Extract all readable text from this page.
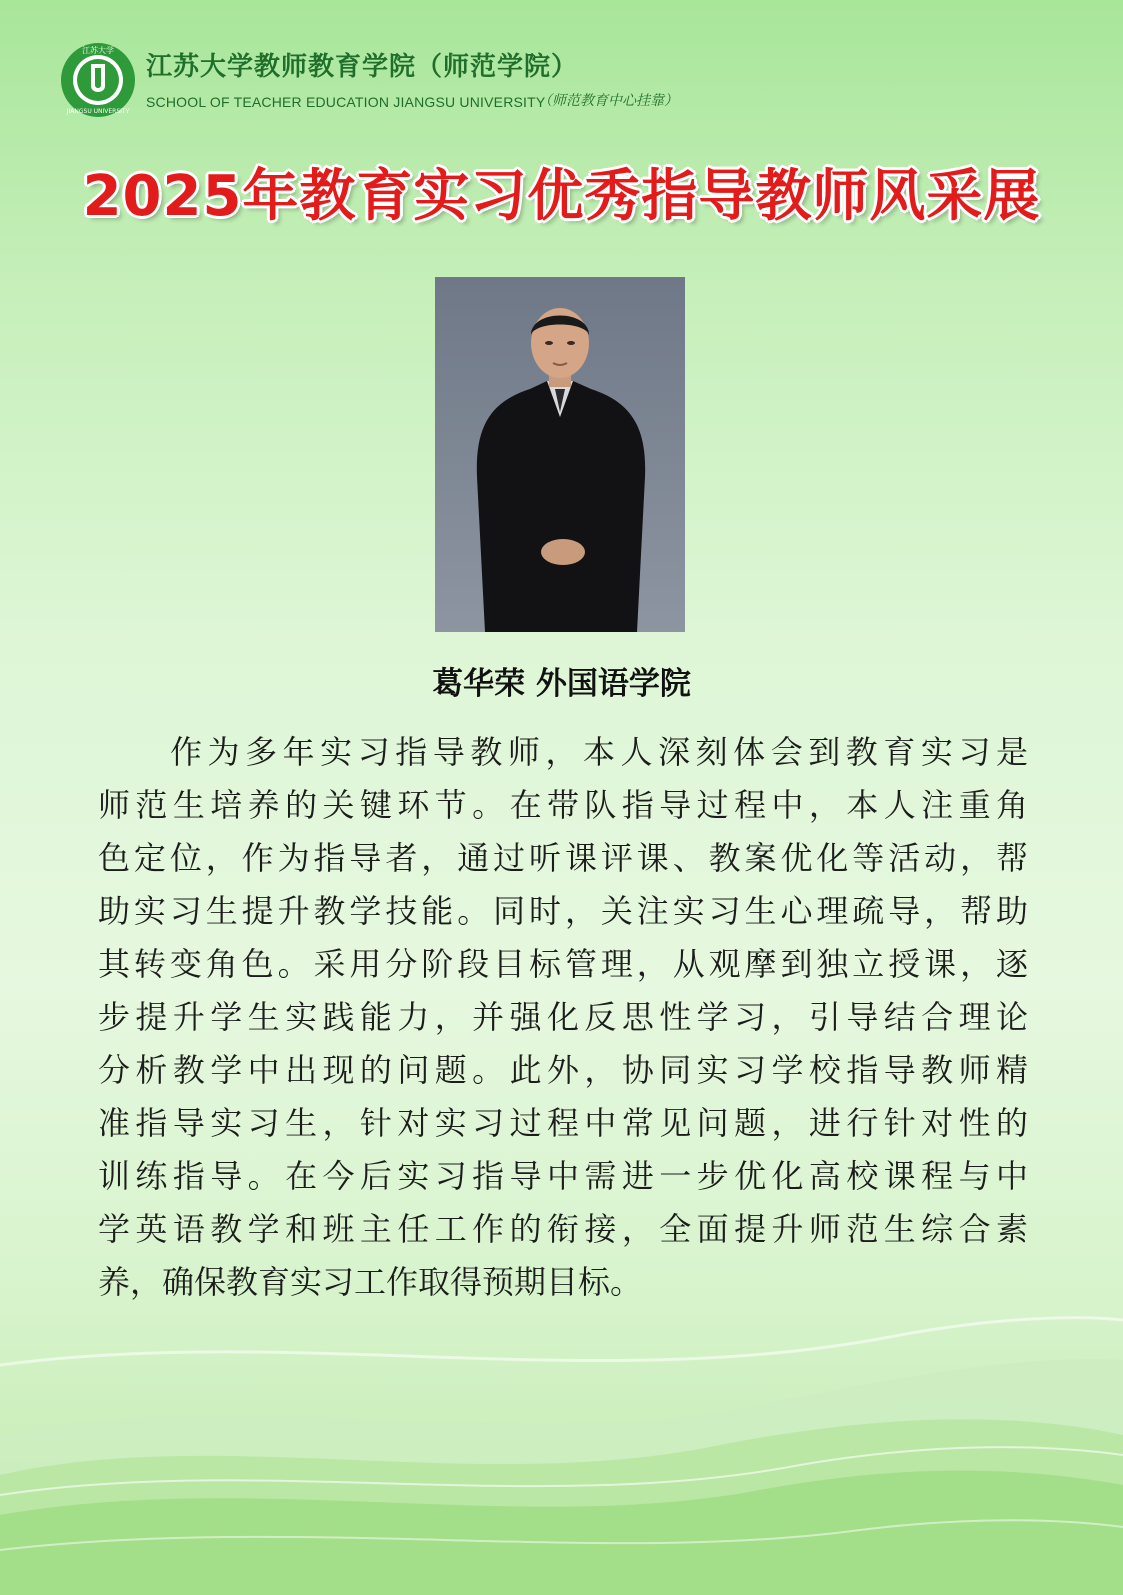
江苏大学
JIANGSU UNIVERSITY
江苏大学教师教育学院（师范学院）
SCHOOL OF TEACHER EDUCATION JIANGSU UNIVERSITY
（师范教育中心挂靠）
2025年教育实习优秀指导教师风采展
葛华荣 外国语学院
作为多年实习指导教师，本人深刻体会到教育实习是
师范生培养的关键环节。在带队指导过程中，本人注重角
色定位，作为指导者，通过听课评课、教案优化等活动，帮
助实习生提升教学技能。同时，关注实习生心理疏导，帮助
其转变角色。采用分阶段目标管理，从观摩到独立授课，逐
步提升学生实践能力，并强化反思性学习，引导结合理论
分析教学中出现的问题。此外，协同实习学校指导教师精
准指导实习生，针对实习过程中常见问题，进行针对性的
训练指导。在今后实习指导中需进一步优化高校课程与中
学英语教学和班主任工作的衔接，全面提升师范生综合素
养，确保教育实习工作取得预期目标。
